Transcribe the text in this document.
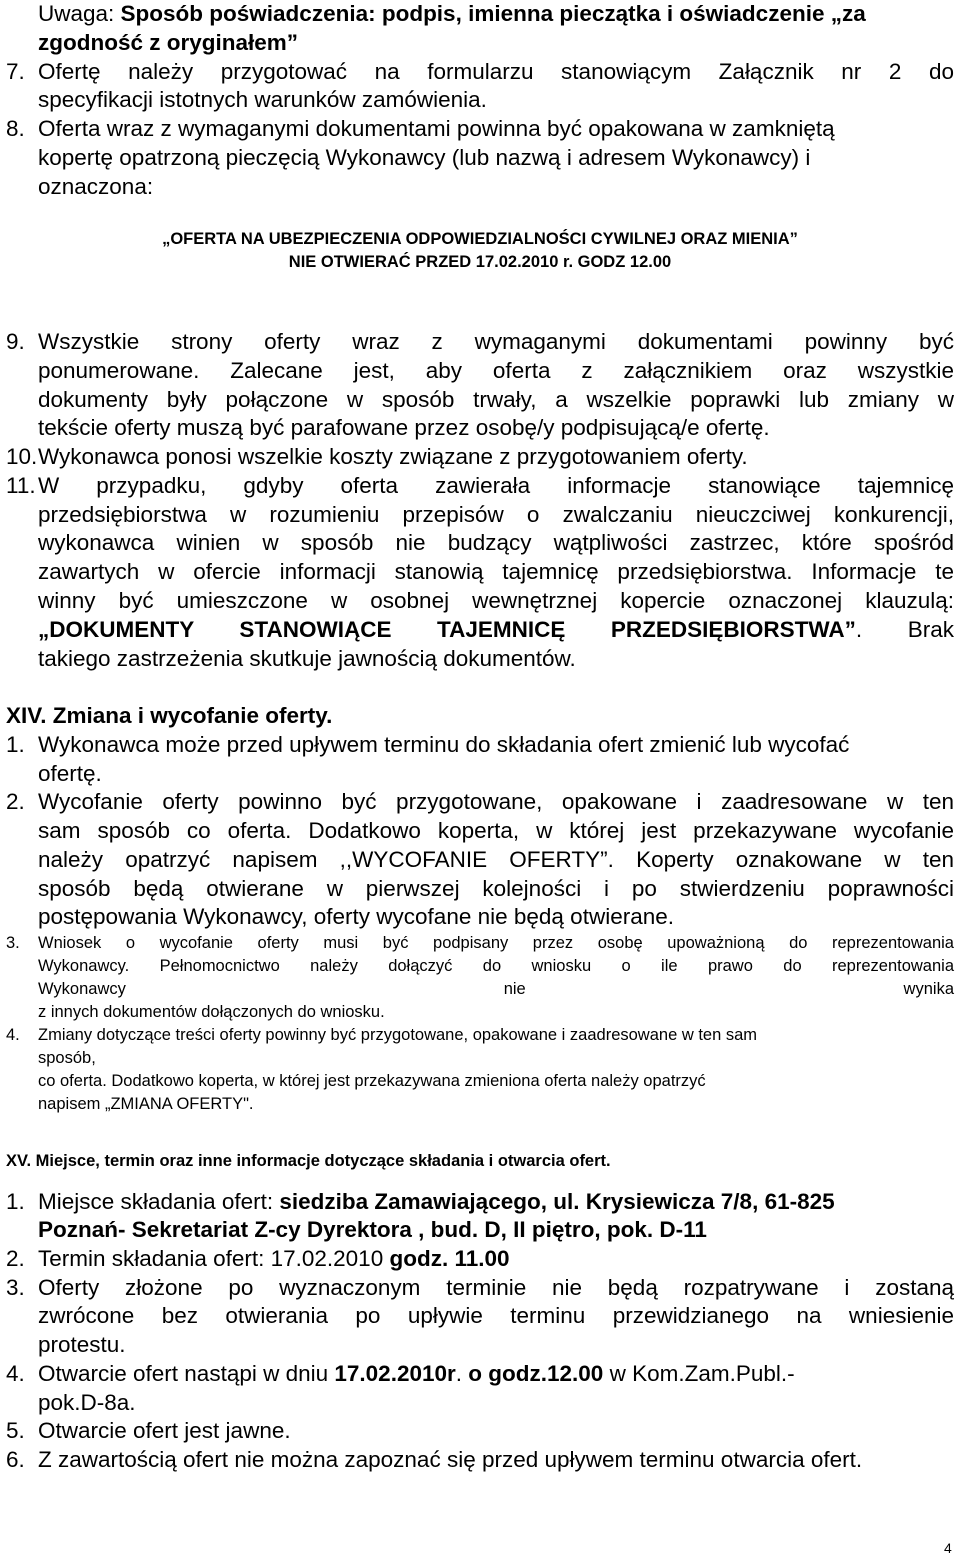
Uwaga: Sposób poświadczenia: podpis, imienna pieczątka i oświadczenie „za
zgodność z oryginałem”
7. Ofertę należy przygotować na formularzu stanowiącym Załącznik nr 2 do
specyfikacji istotnych warunków zamówienia.
8. Oferta wraz z wymaganymi dokumentami powinna być opakowana w zamkniętą
kopertę opatrzoną pieczęcią Wykonawcy (lub nazwą i adresem Wykonawcy) i
oznaczona:
„OFERTA NA UBEZPIECZENIA ODPOWIEDZIALNOŚCI CYWILNEJ ORAZ MIENIA”
NIE OTWIERAĆ PRZED 17.02.2010 r. GODZ 12.00
9. Wszystkie strony oferty wraz z wymaganymi dokumentami powinny być
ponumerowane. Zalecane jest, aby oferta z załącznikiem oraz wszystkie
dokumenty były połączone w sposób trwały, a wszelkie poprawki lub zmiany w
tekście oferty muszą być parafowane przez osobę/y podpisującą/e ofertę.
10. Wykonawca ponosi wszelkie koszty związane z przygotowaniem oferty.
11. W przypadku, gdyby oferta zawierała informacje stanowiące tajemnicę
przedsiębiorstwa w rozumieniu przepisów o zwalczaniu nieuczciwej konkurencji,
wykonawca winien w sposób nie budzący wątpliwości zastrzec, które spośród
zawartych w ofercie informacji stanowią tajemnicę przedsiębiorstwa. Informacje te
winny być umieszczone w osobnej wewnętrznej kopercie oznaczonej klauzulą:
„DOKUMENTY STANOWIĄCE TAJEMNICĘ PRZEDSIĘBIORSTWA”. Brak
takiego zastrzeżenia skutkuje jawnością dokumentów.
XIV. Zmiana i wycofanie oferty.
1. Wykonawca może przed upływem terminu do składania ofert zmienić lub wycofać
ofertę.
2. Wycofanie oferty powinno być przygotowane, opakowane i zaadresowane w ten
sam sposób co oferta. Dodatkowo koperta, w której jest przekazywane wycofanie
należy opatrzyć napisem ,,WYCOFANIE OFERTY”. Koperty oznakowane w ten
sposób będą otwierane w pierwszej kolejności i po stwierdzeniu poprawności
postępowania Wykonawcy, oferty wycofane nie będą otwierane.
3. Wniosek o wycofanie oferty musi być podpisany przez osobę upoważnioną do reprezentowania
Wykonawcy. Pełnomocnictwo należy dołączyć do wniosku o ile prawo do reprezentowania
Wykonawcy nie wynika
z innych dokumentów dołączonych do wniosku.
4. Zmiany dotyczące treści oferty powinny być przygotowane, opakowane i zaadresowane w ten sam
sposób,
co oferta. Dodatkowo koperta, w której jest przekazywana zmieniona oferta należy opatrzyć
napisem „ZMIANA OFERTY".
XV. Miejsce, termin oraz inne informacje dotyczące składania i otwarcia ofert.
1. Miejsce składania ofert: siedziba Zamawiającego, ul. Krysiewicza 7/8, 61-825
Poznań- Sekretariat Z-cy Dyrektora , bud. D, II piętro, pok. D-11
2. Termin składania ofert: 17.02.2010 godz. 11.00
3. Oferty złożone po wyznaczonym terminie nie będą rozpatrywane i zostaną
zwrócone bez otwierania po upływie terminu przewidzianego na wniesienie
protestu.
4. Otwarcie ofert nastąpi w dniu 17.02.2010r. o godz.12.00 w Kom.Zam.Publ.-
pok.D-8a.
5. Otwarcie ofert jest jawne.
6. Z zawartością ofert nie można zapoznać się przed upływem terminu otwarcia ofert.
4
